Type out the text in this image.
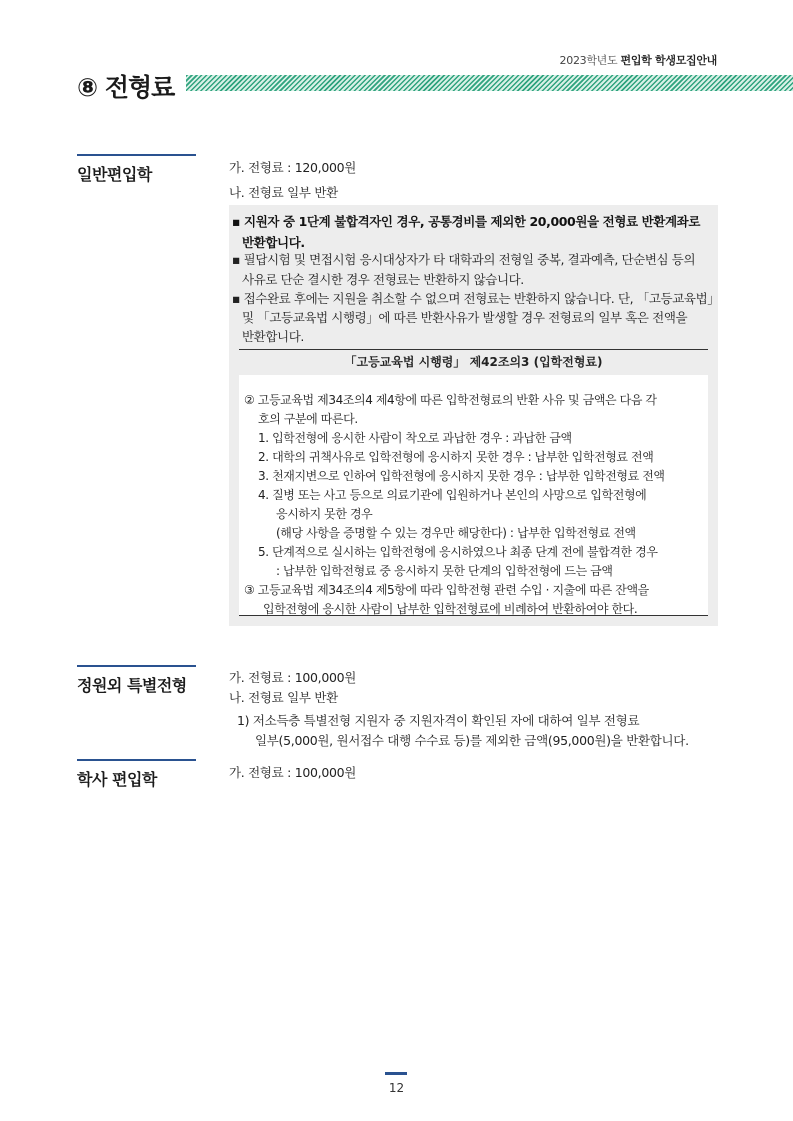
2023학년도 편입학 학생모집안내
⑧ 전형료
일반편입학	가. 전형료 : 120,000원
나. 전형료 일부 반환
▪ 지원자 중 1단계 불합격자인 경우, 공통경비를 제외한 20,000원을 전형료 반환계좌로
반환합니다.
▪ 필답시험 및 면접시험 응시대상자가 타 대학과의 전형일 중복, 결과예측, 단순변심 등의
사유로 단순 결시한 경우 전형료는 반환하지 않습니다.
▪ 접수완료 후에는 지원을 취소할 수 없으며 전형료는 반환하지 않습니다. 단, 「고등교육법」
및 「고등교육법 시행령」에 따른 반환사유가 발생할 경우 전형료의 일부 혹은 전액을
반환합니다.
「고등교육법 시행령」 제42조의3 (입학전형료)
② 고등교육법 제34조의4 제4항에 따른 입학전형료의 반환 사유 및 금액은 다음 각
호의 구분에 따른다.
1. 입학전형에 응시한 사람이 착오로 과납한 경우 : 과납한 금액
2. 대학의 귀책사유로 입학전형에 응시하지 못한 경우 : 납부한 입학전형료 전액
3. 천재지변으로 인하여 입학전형에 응시하지 못한 경우 : 납부한 입학전형료 전액
4. 질병 또는 사고 등으로 의료기관에 입원하거나 본인의 사망으로 입학전형에
응시하지 못한 경우
(해당 사항을 증명할 수 있는 경우만 해당한다) : 납부한 입학전형료 전액
5. 단계적으로 실시하는 입학전형에 응시하였으나 최종 단계 전에 불합격한 경우
: 납부한 입학전형료 중 응시하지 못한 단계의 입학전형에 드는 금액
③ 고등교육법 제34조의4 제5항에 따라 입학전형 관련 수입 · 지출에 따른 잔액을
입학전형에 응시한 사람이 납부한 입학전형료에 비례하여 반환하여야 한다.
정원외 특별전형	가. 전형료 : 100,000원
나. 전형료 일부 반환
1) 저소득층 특별전형 지원자 중 지원자격이 확인된 자에 대하여 일부 전형료
일부(5,000원, 원서접수 대행 수수료 등)를 제외한 금액(95,000원)을 반환합니다.
학사 편입학	가. 전형료 : 100,000원
12
